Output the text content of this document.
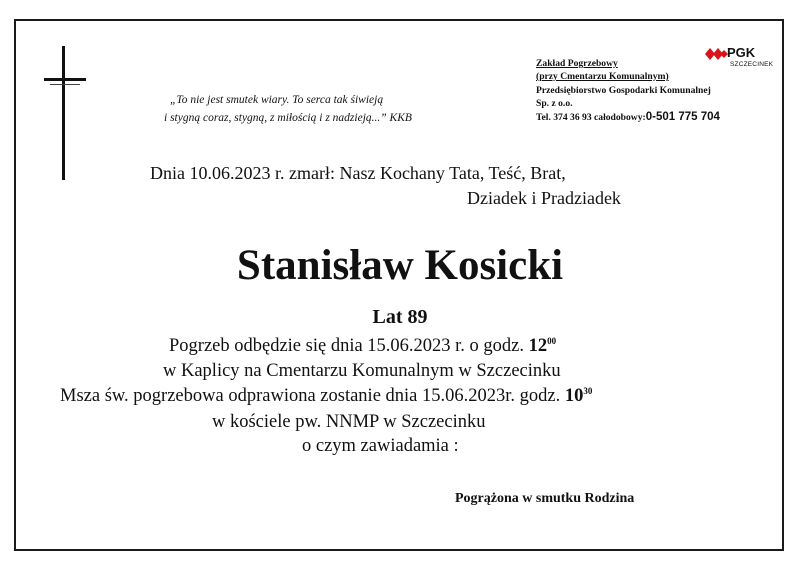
„To nie jest smutek wiary. To serca tak śiwieją
i stygną coraz, stygną, z miłością i z nadzieją...” KKB
Zakład Pogrzebowy
(przy Cmentarzu Komunalnym)
Przedsiębiorstwo Gospodarki Komunalnej
Sp. z o.o.
Tel. 374 36 93 całodobowy:0-501 775 704
PGK
SZCZECINEK
Dnia 10.06.2023 r. zmarł: Nasz Kochany Tata, Teść, Brat,
Dziadek i Pradziadek
Stanisław Kosicki
Lat 89
Pogrzeb odbędzie się dnia 15.06.2023 r. o godz. $12^{00}$
w Kaplicy na Cmentarzu Komunalnym w Szczecinku
Msza św. pogrzebowa odprawiona zostanie dnia 15.06.2023r. godz. $10^{30}$
w kościele pw. NNMP w Szczecinku
o czym zawiadamia :
Pogrążona w smutku Rodzina
